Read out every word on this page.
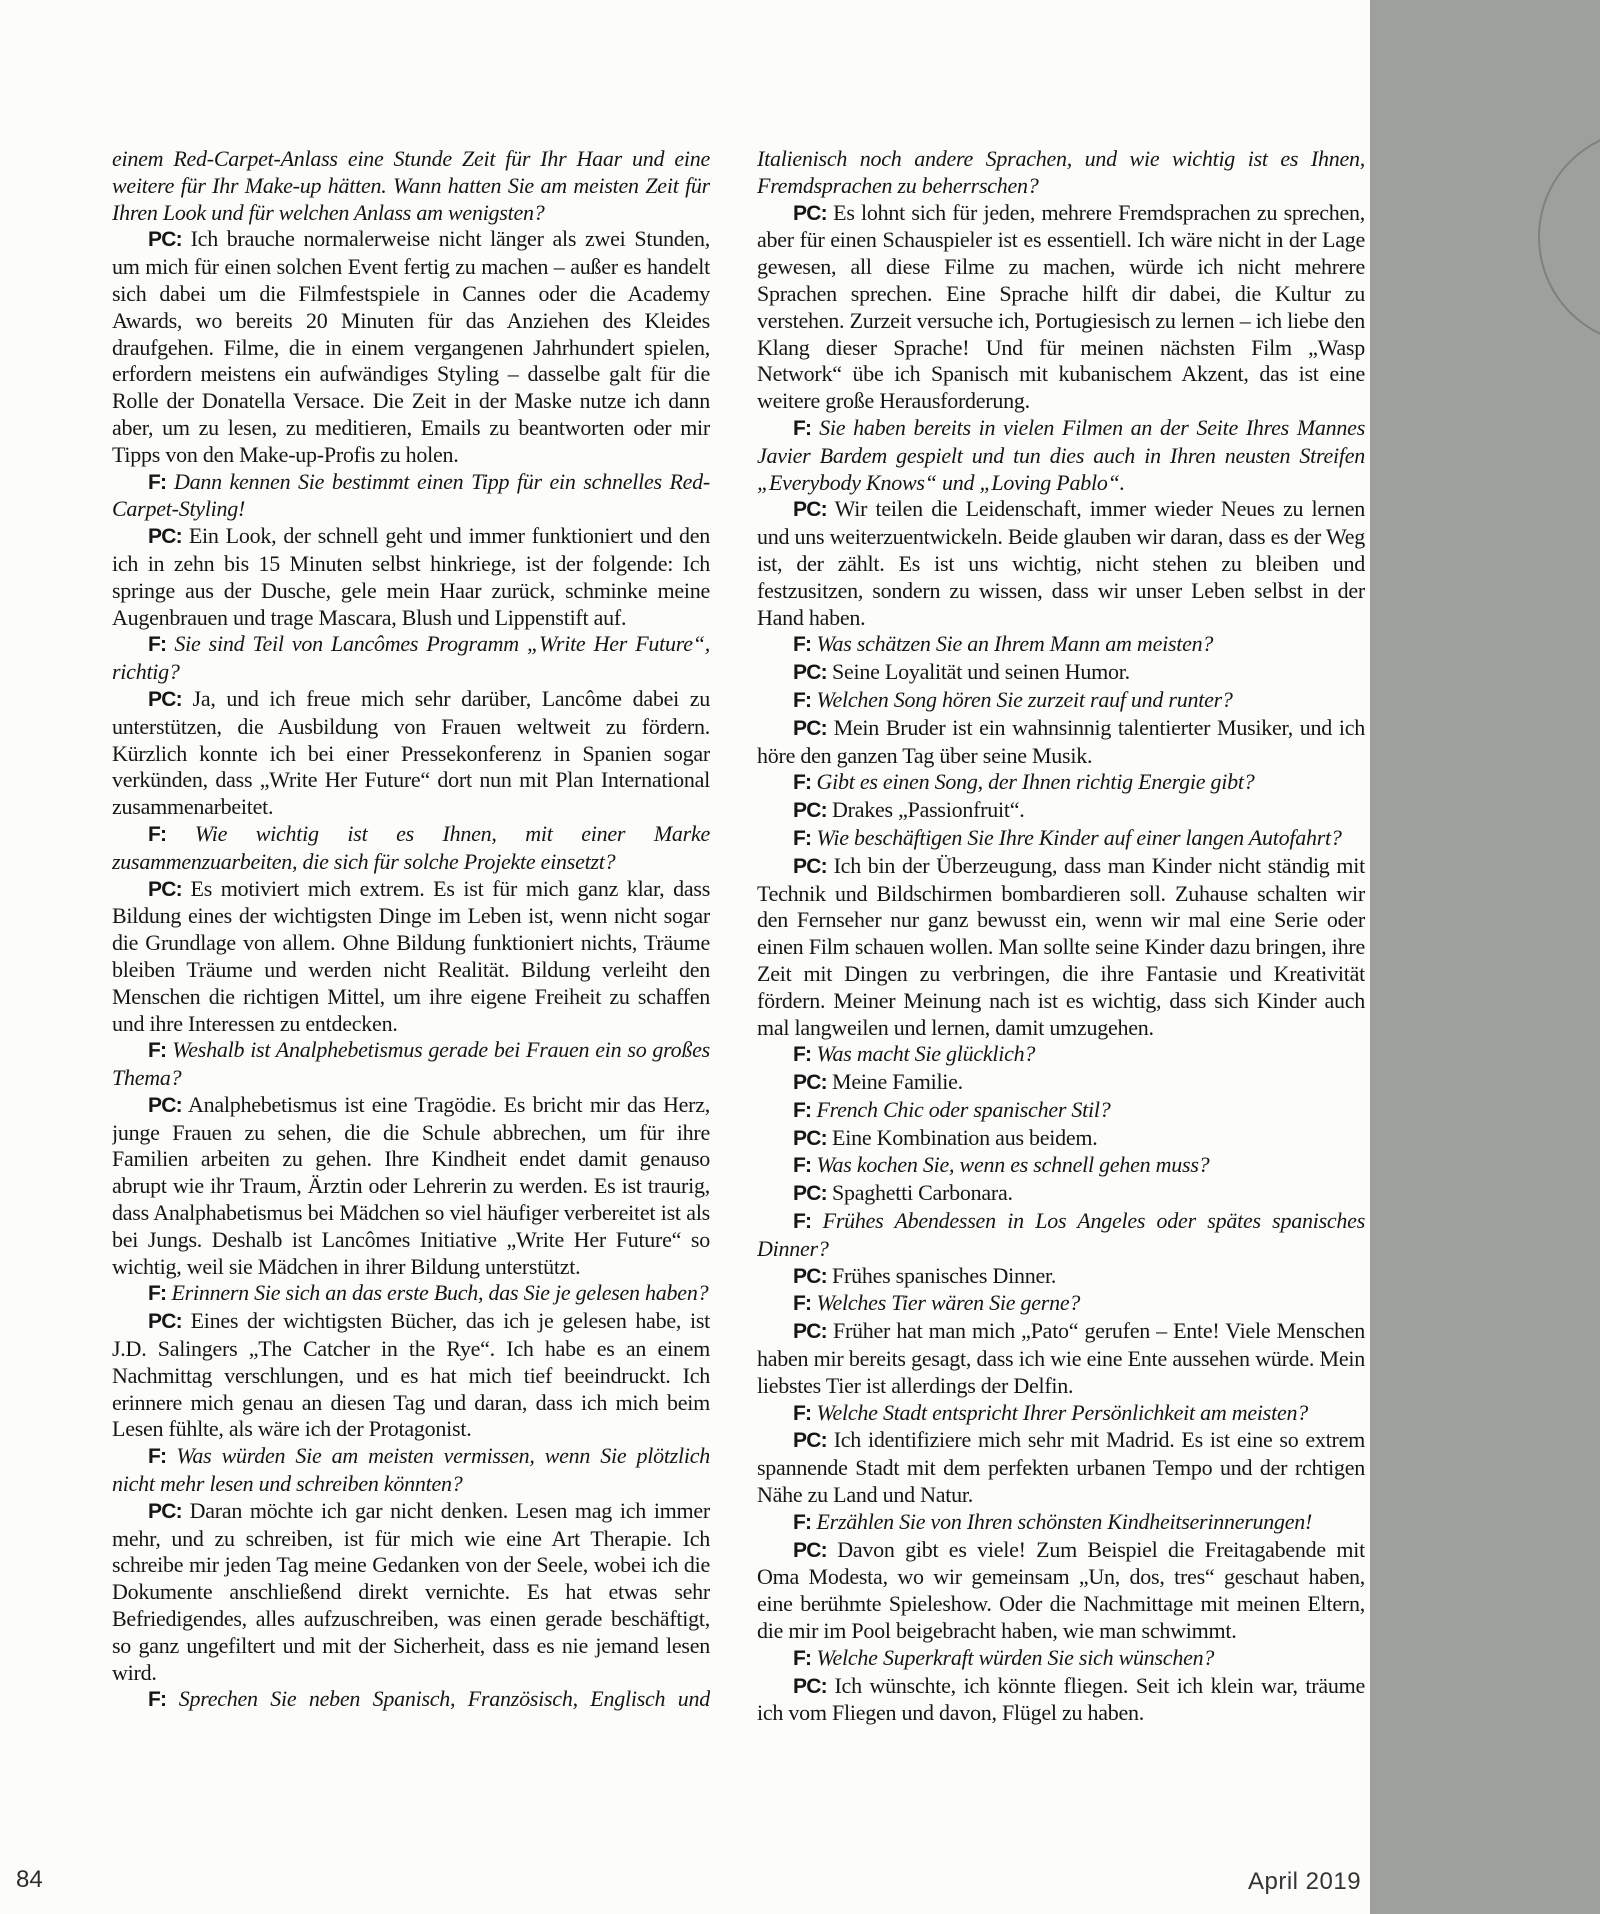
einem Red-Carpet-Anlass eine Stunde Zeit für Ihr Haar und eine weitere für Ihr Make-up hätten. Wann hatten Sie am meisten Zeit für Ihren Look und für welchen Anlass am wenigsten?

PC: Ich brauche normalerweise nicht länger als zwei Stunden, um mich für einen solchen Event fertig zu machen – außer es handelt sich dabei um die Filmfestspiele in Cannes oder die Academy Awards, wo bereits 20 Minuten für das Anziehen des Kleides draufgehen. Filme, die in einem vergangenen Jahrhundert spielen, erfordern meistens ein aufwändiges Styling – dasselbe galt für die Rolle der Donatella Versace. Die Zeit in der Maske nutze ich dann aber, um zu lesen, zu meditieren, Emails zu beantworten oder mir Tipps von den Make-up-Profis zu holen.

F: Dann kennen Sie bestimmt einen Tipp für ein schnelles Red-Carpet-Styling!

PC: Ein Look, der schnell geht und immer funktioniert und den ich in zehn bis 15 Minuten selbst hinkriege, ist der folgende: Ich springe aus der Dusche, gele mein Haar zurück, schminke meine Augenbrauen und trage Mascara, Blush und Lippenstift auf.

F: Sie sind Teil von Lancômes Programm „Write Her Future“, richtig?

PC: Ja, und ich freue mich sehr darüber, Lancôme dabei zu unterstützen, die Ausbildung von Frauen weltweit zu fördern. Kürzlich konnte ich bei einer Pressekonferenz in Spanien sogar verkünden, dass „Write Her Future“ dort nun mit Plan International zusammenarbeitet.

F: Wie wichtig ist es Ihnen, mit einer Marke zusammenzuarbeiten, die sich für solche Projekte einsetzt?

PC: Es motiviert mich extrem. Es ist für mich ganz klar, dass Bildung eines der wichtigsten Dinge im Leben ist, wenn nicht sogar die Grundlage von allem. Ohne Bildung funktioniert nichts, Träume bleiben Träume und werden nicht Realität. Bildung verleiht den Menschen die richtigen Mittel, um ihre eigene Freiheit zu schaffen und ihre Interessen zu entdecken.

F: Weshalb ist Analphebetismus gerade bei Frauen ein so großes Thema?

PC: Analphebetismus ist eine Tragödie. Es bricht mir das Herz, junge Frauen zu sehen, die die Schule abbrechen, um für ihre Familien arbeiten zu gehen. Ihre Kindheit endet damit genauso abrupt wie ihr Traum, Ärztin oder Lehrerin zu werden. Es ist traurig, dass Analphabetismus bei Mädchen so viel häufiger verbereitet ist als bei Jungs. Deshalb ist Lancômes Initiative „Write Her Future“ so wichtig, weil sie Mädchen in ihrer Bildung unterstützt.

F: Erinnern Sie sich an das erste Buch, das Sie je gelesen haben?

PC: Eines der wichtigsten Bücher, das ich je gelesen habe, ist J.D. Salingers „The Catcher in the Rye“. Ich habe es an einem Nachmittag verschlungen, und es hat mich tief beeindruckt. Ich erinnere mich genau an diesen Tag und daran, dass ich mich beim Lesen fühlte, als wäre ich der Protagonist.

F: Was würden Sie am meisten vermissen, wenn Sie plötzlich nicht mehr lesen und schreiben könnten?

PC: Daran möchte ich gar nicht denken. Lesen mag ich immer mehr, und zu schreiben, ist für mich wie eine Art Therapie. Ich schreibe mir jeden Tag meine Gedanken von der Seele, wobei ich die Dokumente anschließend direkt vernichte. Es hat etwas sehr Befriedigendes, alles aufzuschreiben, was einen gerade beschäftigt, so ganz ungefiltert und mit der Sicherheit, dass es nie jemand lesen wird.

F: Sprechen Sie neben Spanisch, Französisch, Englisch und

Italienisch noch andere Sprachen, und wie wichtig ist es Ihnen, Fremdsprachen zu beherrschen?

PC: Es lohnt sich für jeden, mehrere Fremdsprachen zu sprechen, aber für einen Schauspieler ist es essentiell. Ich wäre nicht in der Lage gewesen, all diese Filme zu machen, würde ich nicht mehrere Sprachen sprechen. Eine Sprache hilft dir dabei, die Kultur zu verstehen. Zurzeit versuche ich, Portugiesisch zu lernen – ich liebe den Klang dieser Sprache! Und für meinen nächsten Film „Wasp Network“ übe ich Spanisch mit kubanischem Akzent, das ist eine weitere große Herausforderung.

F: Sie haben bereits in vielen Filmen an der Seite Ihres Mannes Javier Bardem gespielt und tun dies auch in Ihren neusten Streifen „Everybody Knows“ und „Loving Pablo“.

PC: Wir teilen die Leidenschaft, immer wieder Neues zu lernen und uns weiterzuentwickeln. Beide glauben wir daran, dass es der Weg ist, der zählt. Es ist uns wichtig, nicht stehen zu bleiben und festzusitzen, sondern zu wissen, dass wir unser Leben selbst in der Hand haben.

F: Was schätzen Sie an Ihrem Mann am meisten?

PC: Seine Loyalität und seinen Humor.

F: Welchen Song hören Sie zurzeit rauf und runter?

PC: Mein Bruder ist ein wahnsinnig talentierter Musiker, und ich höre den ganzen Tag über seine Musik.

F: Gibt es einen Song, der Ihnen richtig Energie gibt?

PC: Drakes „Passionfruit“.

F: Wie beschäftigen Sie Ihre Kinder auf einer langen Autofahrt?

PC: Ich bin der Überzeugung, dass man Kinder nicht ständig mit Technik und Bildschirmen bombardieren soll. Zuhause schalten wir den Fernseher nur ganz bewusst ein, wenn wir mal eine Serie oder einen Film schauen wollen. Man sollte seine Kinder dazu bringen, ihre Zeit mit Dingen zu verbringen, die ihre Fantasie und Kreativität fördern. Meiner Meinung nach ist es wichtig, dass sich Kinder auch mal langweilen und lernen, damit umzugehen.

F: Was macht Sie glücklich?

PC: Meine Familie.

F: French Chic oder spanischer Stil?

PC: Eine Kombination aus beidem.

F: Was kochen Sie, wenn es schnell gehen muss?

PC: Spaghetti Carbonara.

F: Frühes Abendessen in Los Angeles oder spätes spanisches Dinner?

PC: Frühes spanisches Dinner.

F: Welches Tier wären Sie gerne?

PC: Früher hat man mich „Pato“ gerufen – Ente! Viele Menschen haben mir bereits gesagt, dass ich wie eine Ente aussehen würde. Mein liebstes Tier ist allerdings der Delfin.

F: Welche Stadt entspricht Ihrer Persönlichkeit am meisten?

PC: Ich identifiziere mich sehr mit Madrid. Es ist eine so extrem spannende Stadt mit dem perfekten urbanen Tempo und der rchtigen Nähe zu Land und Natur.

F: Erzählen Sie von Ihren schönsten Kindheitserinnerungen!

PC: Davon gibt es viele! Zum Beispiel die Freitagabende mit Oma Modesta, wo wir gemeinsam „Un, dos, tres“ geschaut haben, eine berühmte Spieleshow. Oder die Nachmittage mit meinen Eltern, die mir im Pool beigebracht haben, wie man schwimmt.

F: Welche Superkraft würden Sie sich wünschen?

PC: Ich wünschte, ich könnte fliegen. Seit ich klein war, träume ich vom Fliegen und davon, Flügel zu haben.

84	April 2019
